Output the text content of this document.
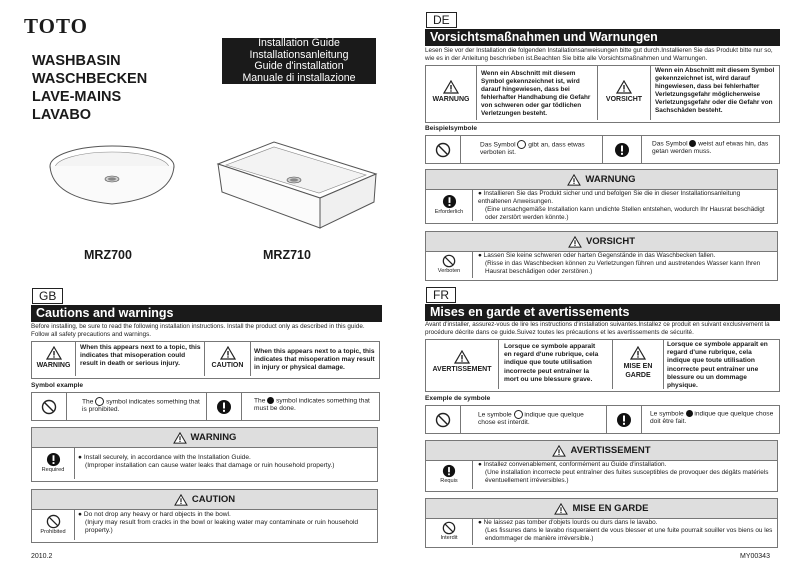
TOTO
WASHBASIN
WASCHBECKEN
LAVE-MAINS
LAVABO
Installation Guide
Installationsanleitung
Guide d'installation
Manuale di installazione
MRZ700	MRZ710
GB
Cautions and warnings
Before installing, be sure to read the following installation instructions. Install the product only as described in this guide. Follow all safety precautions and warnings.
WARNING
When this appears next to a topic, this indicates that misoperation could result in death or serious injury.	CAUTION
When this appears next to a topic, this indicates that misoperation may result in injury or physical damage.
Symbol example
The symbol indicates something that is prohibited.
The symbol indicates something that must be done.
WARNING
Required
● Install securely, in accordance with the Installation Guide.
(Improper installation can cause water leaks that damage or ruin household property.)
CAUTION
Prohibited
● Do not drop any heavy or hard objects in the bowl.
(Injury may result from cracks in the bowl or leaking water may contaminate or ruin household property.)
2010.2
DE
Vorsichtsmaßnahmen und Warnungen
Lesen Sie vor der Installation die folgenden Installationsanweisungen bitte gut durch.Installieren Sie das Produkt bitte nur so, wie es in der Anleitung beschrieben ist.Beachten Sie bitte alle Vorsichtsmaßnahmen und Warnungen.
WARNUNG
Wenn ein Abschnitt mit diesem Symbol gekennzeichnet ist, wird darauf hingewiesen, dass bei fehlerhafter Handhabung die Gefahr von schweren oder gar tödlichen Verletzungen besteht.
VORSICHT
Wenn ein Abschnitt mit diesem Symbol gekennzeichnet ist, wird darauf hingewiesen, dass bei fehlerhafter Verletzungsgefahr möglicherweise Verletzungsgefahr oder die Gefahr von Sachschäden besteht.
Beispielsymbole
Das Symbol gibt an, dass etwas verboten ist.
Das Symbol weist auf etwas hin, das getan werden muss.
WARNUNG
Erforderlich
● Installieren Sie das Produkt sicher und und befolgen Sie die in dieser Installationsanleitung enthaltenen Anweisungen.
(Eine unsachgemäße Installation kann undichte Stellen entstehen, wodurch Ihr Hausrat beschädigt oder zerstört werden könnte.)
VORSICHT
Verboten
● Lassen Sie keine schweren oder harten Gegenstände in das Waschbecken fallen.
(Risse in das Waschbecken können zu Verletzungen führen und austretendes Wasser kann Ihren Hausrat beschädigen oder zerstören.)
FR
Mises en garde et avertissements
Avant d'installer, assurez-vous de lire les instructions d'installation suivantes.Installez ce produit en suivant exclusivement la procédure décrite dans ce guide.Suivez toutes les précautions et les avertissements de sécurité.
AVERTISSEMENT
Lorsque ce symbole apparaît en regard d'une rubrique, cela indique que toute utilisation incorrecte peut entraîner la mort ou une blessure grave.
MISE EN GARDE
Lorsque ce symbole apparaît en regard d'une rubrique, cela indique que toute utilisation incorrecte peut entraîner une blessure ou un dommage physique.
Exemple de symbole
Le symbole indique que quelque chose est interdit.
Le symbole indique que quelque chose doit être fait.
AVERTISSEMENT
Requis
● Installez convenablement, conformément au Guide d'installation.
(Une installation incorrecte peut entraîner des fuites susceptibles de provoquer des dégâts matériels éventuellement irréversibles.)
MISE EN GARDE
Interdit
● Ne laissez pas tomber d'objets lourds ou durs dans le lavabo.
(Les fissures dans le lavabo risqueraient de vous blesser et une fuite pourrait souiller vos biens ou les endommager de manière irréversible.)
MY00343
